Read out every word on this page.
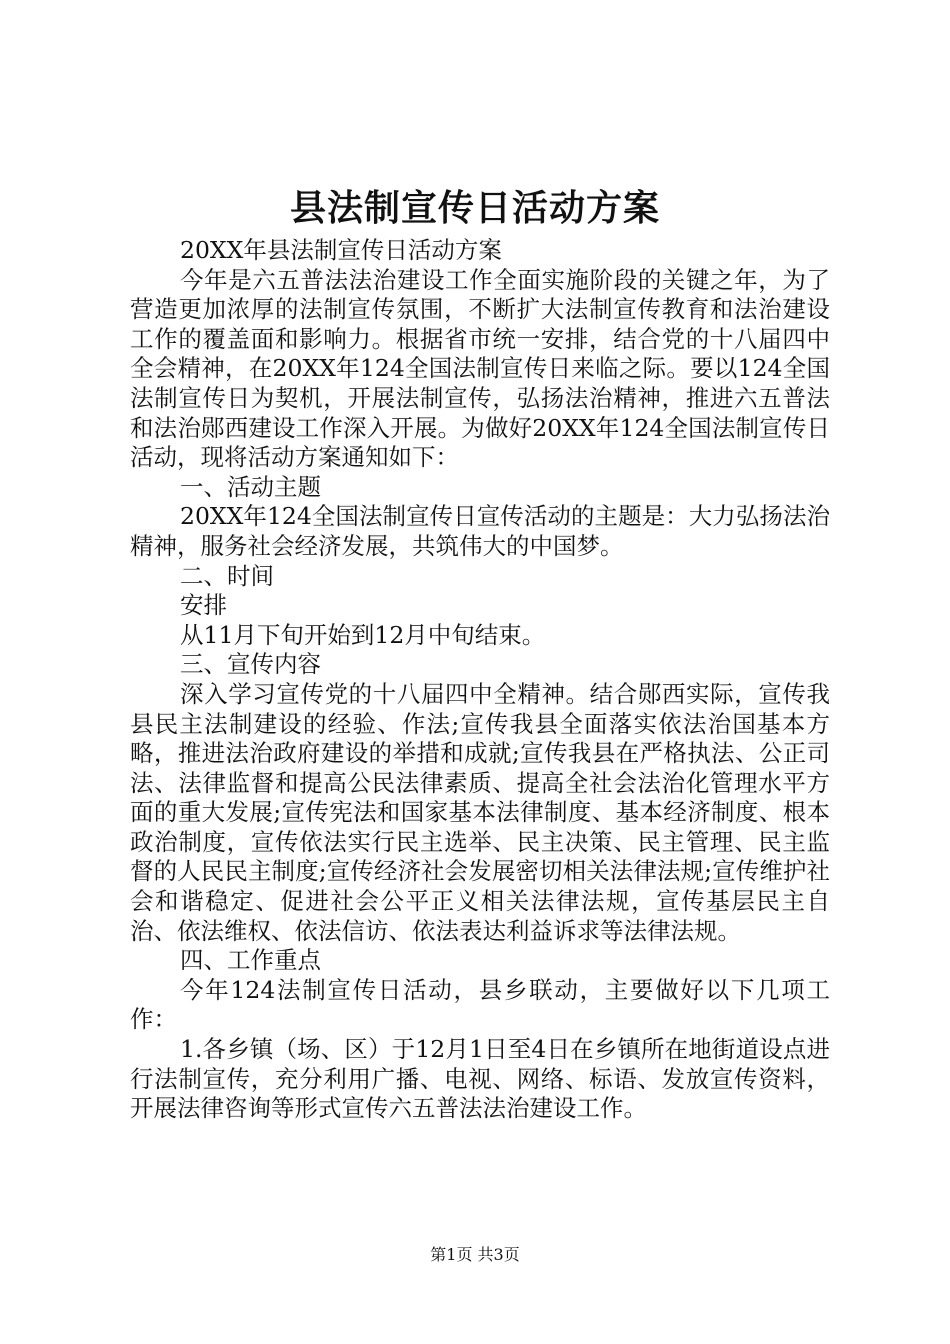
县法制宣传日活动方案

20XX年县法制宣传日活动方案

今年是六五普法法治建设工作全面实施阶段的关键之年，为了营造更加浓厚的法制宣传氛围，不断扩大法制宣传教育和法治建设工作的覆盖面和影响力。根据省市统一安排，结合党的十八届四中全会精神，在20XX年124全国法制宣传日来临之际。要以124全国法制宣传日为契机，开展法制宣传，弘扬法治精神，推进六五普法和法治郧西建设工作深入开展。为做好20XX年124全国法制宣传日活动，现将活动方案通知如下：

一、活动主题

20XX年124全国法制宣传日宣传活动的主题是：大力弘扬法治精神，服务社会经济发展，共筑伟大的中国梦。

二、时间

安排

从11月下旬开始到12月中旬结束。

三、宣传内容

深入学习宣传党的十八届四中全精神。结合郧西实际，宣传我县民主法制建设的经验、作法;宣传我县全面落实依法治国基本方略，推进法治政府建设的举措和成就;宣传我县在严格执法、公正司法、法律监督和提高公民法律素质、提高全社会法治化管理水平方面的重大发展;宣传宪法和国家基本法律制度、基本经济制度、根本政治制度，宣传依法实行民主选举、民主决策、民主管理、民主监督的人民民主制度;宣传经济社会发展密切相关法律法规;宣传维护社会和谐稳定、促进社会公平正义相关法律法规，宣传基层民主自治、依法维权、依法信访、依法表达利益诉求等法律法规。

四、工作重点

今年124法制宣传日活动，县乡联动，主要做好以下几项工作：

1.各乡镇（场、区）于12月1日至4日在乡镇所在地街道设点进行法制宣传，充分利用广播、电视、网络、标语、发放宣传资料，开展法律咨询等形式宣传六五普法法治建设工作。

第1页 共3页
